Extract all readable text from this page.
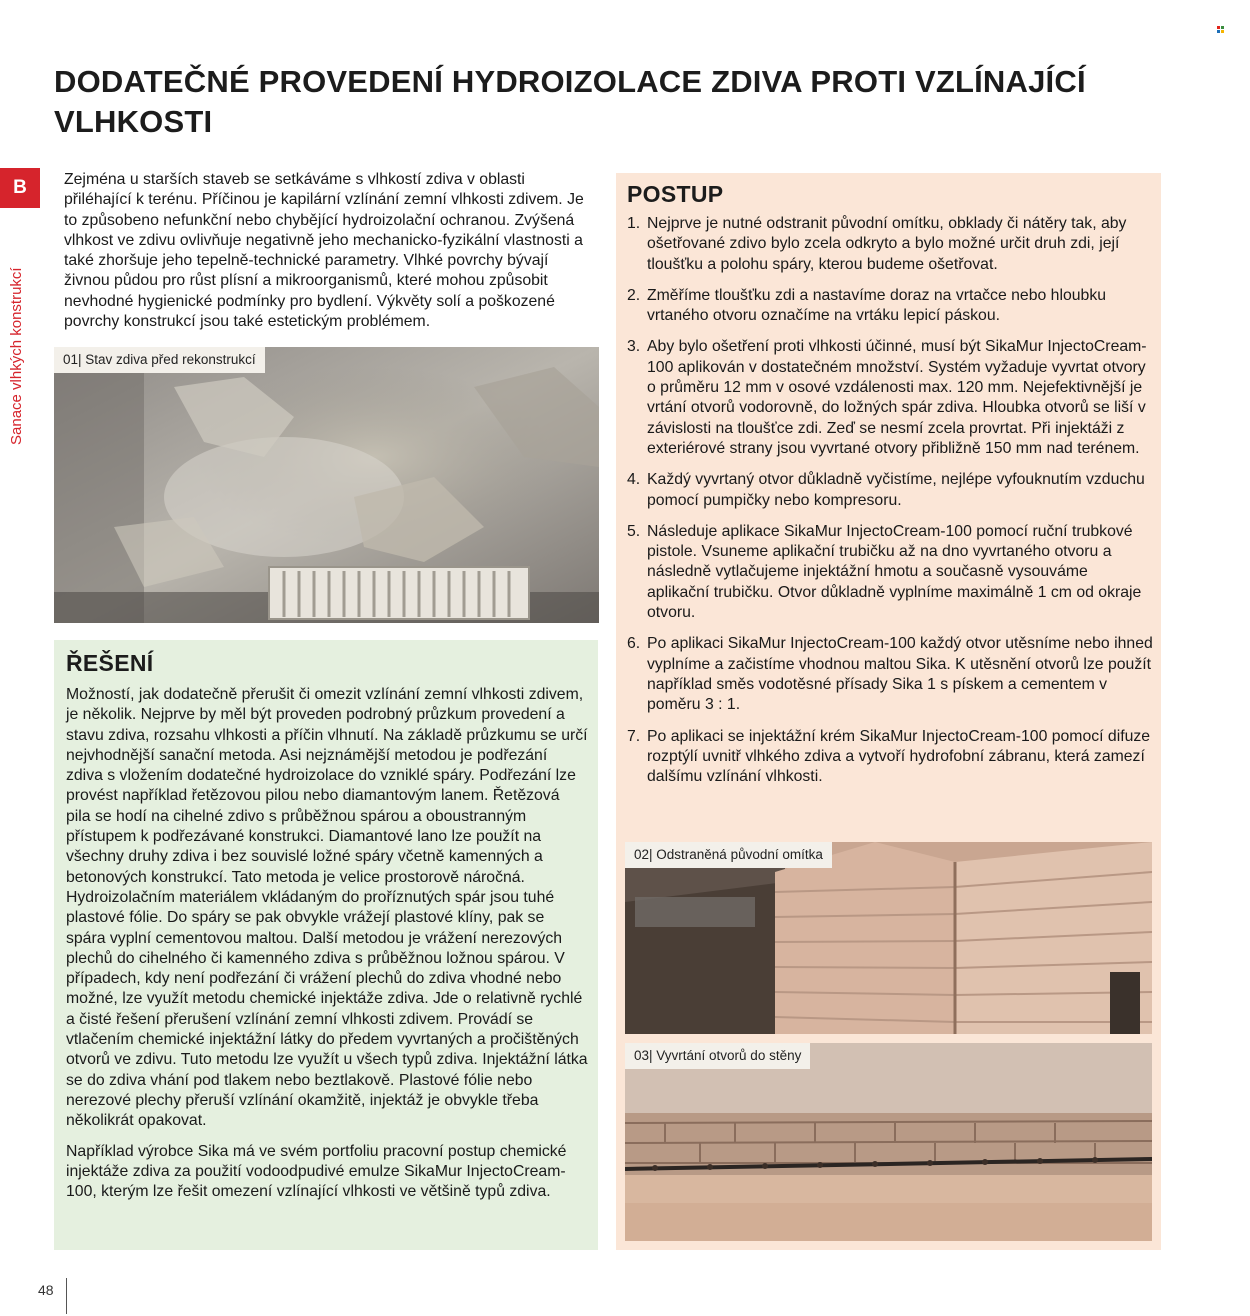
DODATEČNÉ PROVEDENÍ HYDROIZOLACE ZDIVA PROTI VZLÍNAJÍCÍ VLHKOSTI
B
Sanace vlhkých konstrukcí

Zejména u starších staveb se setkáváme s vlhkostí zdiva v oblasti přiléhající k terénu. Příčinou je kapilární vzlínání zemní vlhkosti zdivem. Je to způsobeno nefunkční nebo chybějící hydroizolační ochranou. Zvýšená vlhkost ve zdivu ovlivňuje negativně jeho mechanicko-fyzikální vlastnosti a také zhoršuje jeho tepelně-technické parametry. Vlhké povrchy bývají živnou půdou pro růst plísní a mikroorganismů, které mohou způsobit nevhodné hygienické podmínky pro bydlení. Výkvěty solí a poškozené povrchy konstrukcí jsou také estetickým problémem.

01| Stav zdiva před rekonstrukcí
ŘEŠENÍ

Možností, jak dodatečně přerušit či omezit vzlínání zemní vlhkosti zdivem, je několik. Nejprve by měl být proveden podrobný průzkum provedení a stavu zdiva, rozsahu vlhkosti a příčin vlhnutí. Na základě průzkumu se určí nejvhodnější sanační metoda. Asi nejznámější metodou je podřezání zdiva s vložením dodatečné hydroizolace do vzniklé spáry. Podřezání lze provést například řetězovou pilou nebo diamantovým lanem. Řetězová pila se hodí na cihelné zdivo s průběžnou spárou a oboustranným přístupem k podřezávané konstrukci. Diamantové lano lze použít na všechny druhy zdiva i bez souvislé ložné spáry včetně kamenných a betonových konstrukcí. Tato metoda je velice prostorově náročná. Hydroizolačním materiálem vkládaným do proříznutých spár jsou tuhé plastové fólie. Do spáry se pak obvykle vrážejí plastové klíny, pak se spára vyplní cementovou maltou. Další metodou je vrážení nerezových plechů do cihelného či kamenného zdiva s průběžnou ložnou spárou. V případech, kdy není podřezání či vrážení plechů do zdiva vhodné nebo možné, lze využít metodu chemické injektáže zdiva. Jde o relativně rychlé a čisté řešení přerušení vzlínání zemní vlhkosti zdivem. Provádí se vtlačením chemické injektážní látky do předem vyvrtaných a pročištěných otvorů ve zdivu. Tuto metodu lze využít u všech typů zdiva. Injektážní látka se do zdiva vhání pod tlakem nebo beztlakově. Plastové fólie nebo nerezové plechy přeruší vzlínání okamžitě, injektáž je obvykle třeba několikrát opakovat.

Například výrobce Sika má ve svém portfoliu pracovní postup chemické injektáže zdiva za použití vodoodpudivé emulze SikaMur InjectoCream-100, kterým lze řešit omezení vzlínající vlhkosti ve většině typů zdiva.

POSTUP
1. Nejprve je nutné odstranit původní omítku, obklady či nátěry tak, aby ošetřované zdivo bylo zcela odkryto a bylo možné určit druh zdi, její tloušťku a polohu spáry, kterou budeme ošetřovat.
2. Změříme tloušťku zdi a nastavíme doraz na vrtačce nebo hloubku vrtaného otvoru označíme na vrtáku lepicí páskou.
3. Aby bylo ošetření proti vlhkosti účinné, musí být SikaMur InjectoCream-100 aplikován v dostatečném množství. Systém vyžaduje vyvrtat otvory o průměru 12 mm v osové vzdálenosti max. 120 mm. Nejefektivnější je vrtání otvorů vodorovně, do ložných spár zdiva. Hloubka otvorů se liší v závislosti na tloušťce zdi. Zeď se nesmí zcela provrtat. Při injektáži z exteriérové strany jsou vyvrtané otvory přibližně 150 mm nad terénem.
4. Každý vyvrtaný otvor důkladně vyčistíme, nejlépe vyfouknutím vzduchu pomocí pumpičky nebo kompresoru.
5. Následuje aplikace SikaMur InjectoCream-100 pomocí ruční trubkové pistole. Vsuneme aplikační trubičku až na dno vyvrtaného otvoru a následně vytlačujeme injektážní hmotu a současně vysouváme aplikační trubičku. Otvor důkladně vyplníme maximálně 1 cm od okraje otvoru.
6. Po aplikaci SikaMur InjectoCream-100 každý otvor utěsníme nebo ihned vyplníme a začistíme vhodnou maltou Sika. K utěsnění otvorů lze použít například směs vodotěsné přísady Sika 1 s pískem a cementem v poměru 3 : 1.
7. Po aplikaci se injektážní krém SikaMur InjectoCream-100 pomocí difuze rozptýlí uvnitř vlhkého zdiva a vytvoří hydrofobní zábranu, která zamezí dalšímu vzlínání vlhkosti.
02| Odstraněná původní omítka
03| Vyvrtání otvorů do stěny
48
